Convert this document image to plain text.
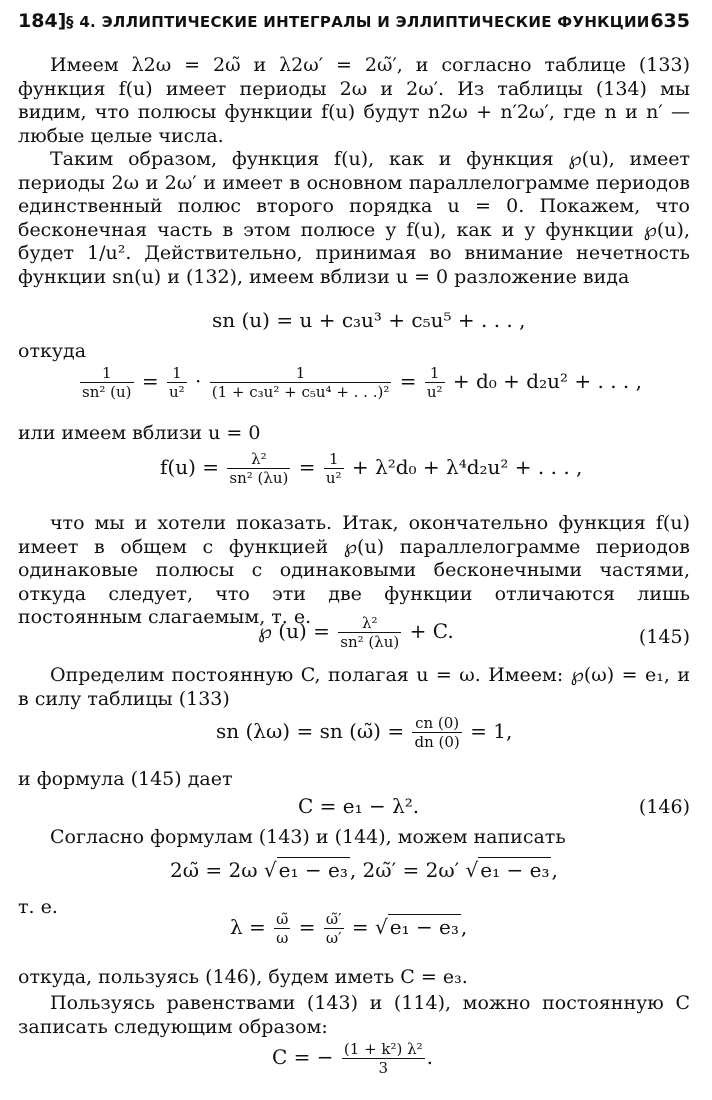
184] § 4. ЭЛЛИПТИЧЕСКИЕ ИНТЕГРАЛЫ И ЭЛЛИПТИЧЕСКИЕ ФУНКЦИИ 635
Имеем λ2ω = 2ω̃ и λ2ω′ = 2ω̃′, и согласно таблице (133) функция f(u) имеет периоды 2ω и 2ω′. Из таблицы (134) мы видим, что полюсы функции f(u) будут n2ω + n′2ω′, где n и n′ — любые целые числа.
Таким образом, функция f(u), как и функция ℘(u), имеет периоды 2ω и 2ω′ и имеет в основном параллелограмме периодов единственный полюс второго порядка u = 0. Покажем, что бесконечная часть в этом полюсе у f(u), как и у функции ℘(u), будет 1/u². Действительно, принимая во внимание нечетность функции sn(u) и (132), имеем вблизи u = 0 разложение вида
sn (u) = u + c₃u³ + c₅u⁵ + . . . ,
откуда
$\frac{1}{\text{sn² (u)}} = \frac{1}{\text{u²}} \cdot \frac{1}{\text{(1 + c₃u² + c₅u⁴ + . . .)²}} = \frac{1}{\text{u²}} + d_0 + d_2u^2$ + . . . ,
или имеем вблизи u = 0
$f(u) = \frac{\text{λ²}}{\text{sn² (λu)}} = \frac{1}{\text{u²}} + \lambda^2d_0 + \lambda^4d_2u^2$ + . . . ,
что мы и хотели показать. Итак, окончательно функция f(u) имеет в общем с функцией ℘(u) параллелограмме периодов одинаковые полюсы с одинаковыми бесконечными частями, откуда следует, что эти две функции отличаются лишь постоянным слагаемым, т. е.
℘ $(u) = \frac{\text{λ²}}{\text{sn² (λu)}} + C$.	(145)
Определим постоянную C, полагая u = ω. Имеем: ℘(ω) = e₁, и в силу таблицы (133)
sn (λω) = sn (ω̃) = $\frac{cn (0)}{dn (0)} = 1$,
и формула (145) дает
C = e₁ − λ².	(146)
Согласно формулам (143) и (144), можем написать
2ω̃ = 2ω √ e₁ − e₃ , 2ω̃′ = 2ω′ √ e₁ − e₃ ,
т. е.
$\lambda = \frac{\omegã}{\omega} = \frac{\omegã'}{\omega'}$ = √ e₁ − e₃ ,
откуда, пользуясь (146), будем иметь C = e₃.
Пользуясь равенствами (143) и (114), можно постоянную C записать следующим образом:
C = − $\frac{\text{(1 + k²) λ²}}{3}$ .
